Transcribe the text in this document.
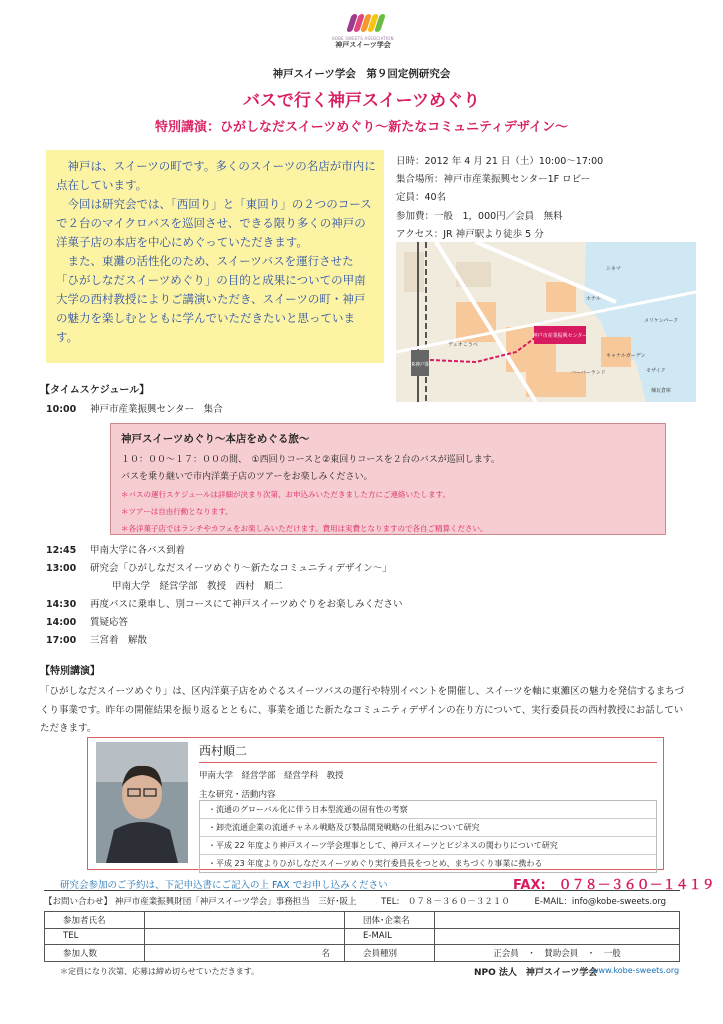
KOBE SWEETS ASSOCIATION
神戸スイーツ学会
神戸スイーツ学会　第９回定例研究会
バスで行く神戸スイーツめぐり
特別講演：ひがしなだスイーツめぐり～新たなコミュニティデザイン～

神戸は、スイーツの町です。多くのスイーツの名店が市内に点在しています。

今回は研究会では、「西回り」と「東回り」の２つのコースで２台のマイクロバスを巡回させ、できる限り多くの神戸の洋菓子店の本店を中心にめぐっていただきます。

また、東灘の活性化のため、スイーツバスを運行させた「ひがしなだスイーツめぐり」の目的と成果についての甲南大学の西村教授によりご講演いただき、スイーツの町・神戸の魅力を楽しむとともに学んでいただきたいと思っています。

日時：2012 年 4 月 21 日（土）10:00～17:00
集合場所：神戸市産業振興センター1F ロビー
定員：40名
参加費：一般　1，000円／会員　無料
アクセス：JR 神戸駅より徒歩 5 分
JR神戸駅
神戸市産業振興センター
ハーバーランド
メリケンパーク
シネマ
モザイク
ホテル
デュオこうべ
キャナルガーデン
煉瓦倉庫
【タイムスケジュール】
10:00 神戸市産業振興センター　集合
神戸スイーツめぐり～本店をめぐる旅～
１０：００～１７：００の間、　①西回りコースと②東回りコースを２台のバスが巡回します。
バスを乗り継いで市内洋菓子店のツアーをお楽しみください。
＊バスの運行スケジュールは詳細が決まり次第、お申込みいただきました方にご連絡いたします。
＊ツアーは自由行動となります。
＊各洋菓子店ではランチやカフェをお楽しみいただけます。費用は実費となりますので各自ご精算ください。
12:45 甲南大学に各バス到着
13:00 研究会「ひがしなだスイーツめぐり～新たなコミュニティデザイン～」
甲南大学　経営学部　教授　西村　順二
14:30 再度バスに乗車し、別コースにて神戸スイーツめぐりをお楽しみください
14:00 質疑応答
17:00 三宮着　解散
【特別講演】
「ひがしなだスイーツめぐり」は、区内洋菓子店をめぐるスイーツバスの運行や特別イベントを開催し、スイーツを軸に東灘区の魅力を発信するまちづくり事業です。昨年の開催結果を振り返るとともに、事業を通じた新たなコミュニティデザインの在り方について、実行委員長の西村教授にお話していただきます。
西村順二
甲南大学　経営学部　経営学科　教授
主な研究・活動内容
・流通のグローバル化に伴う日本型流通の固有性の考察
・卸売流通企業の流通チャネル戦略及び製品開発戦略の仕組みについて研究
・平成 22 年度より神戸スイーツ学会理事として、神戸スイーツとビジネスの関わりについて研究
・平成 23 年度よりひがしなだスイーツめぐり実行委員長をつとめ、まちづくり事業に携わる
研究会参加のご予約は、下記申込書にご記入の上 FAX でお申し込みください	FAX:　０７８－３６０－１４１９
【お問い合わせ】 神戸市産業振興財団「神戸スイーツ学会」事務担当　三好･阪上	TEL:　０７８－３６０－３２１０	E-MAIL：info@kobe-sweets.org
参加者氏名		団体･企業名	
TEL		E-MAIL	
参加人数	名	会員種別	正会員　・　賛助会員　・　一般
＊定員になり次第、応募は締め切らせていただきます。	NPO 法人　神戸スイーツ学会
www.kobe-sweets.org
